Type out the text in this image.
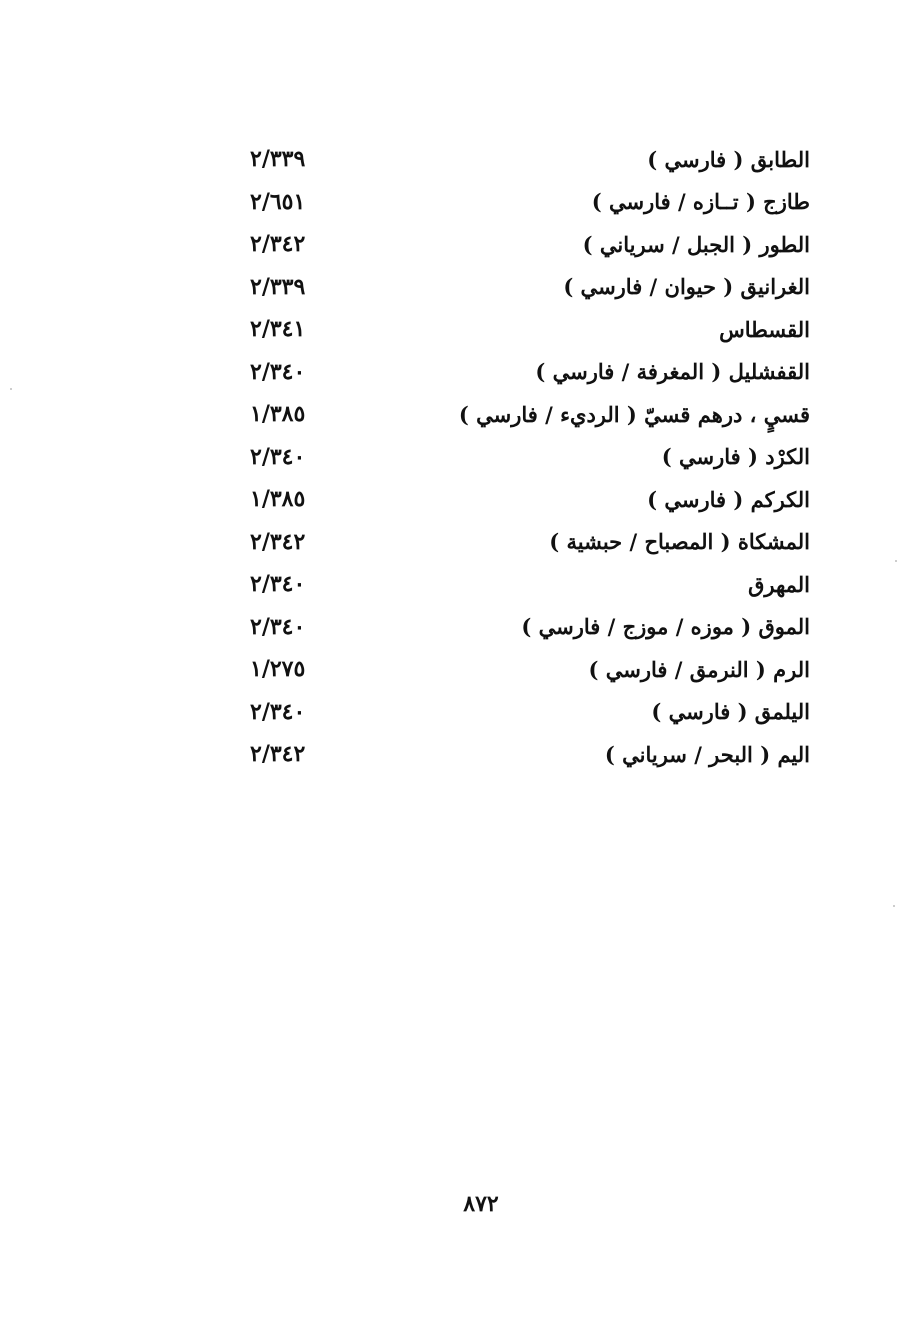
٢/٣٣٩	الطابق ( فارسي )
٢/٦٥١	طازج ( تــازه / فارسي )
٢/٣٤٢	الطور ( الجبل / سرياني )
٢/٣٣٩	الغرانيق ( حيوان / فارسي )
٢/٣٤١	القسطاس
٢/٣٤٠	القفشليل ( المغرفة / فارسي )
١/٣٨٥	قسيٍ ، درهم قسيّ ( الرديء / فارسي )
٢/٣٤٠	الكرْد ( فارسي )
١/٣٨٥	الكركم ( فارسي )
٢/٣٤٢	المشكاة ( المصباح / حبشية )
٢/٣٤٠	المهرق
٢/٣٤٠	الموق ( موزه / موزج / فارسي )
١/٢٧٥	الرم ( النرمق / فارسي )
٢/٣٤٠	اليلمق ( فارسي )
٢/٣٤٢	اليم ( البحر / سرياني )
٨٧٢
